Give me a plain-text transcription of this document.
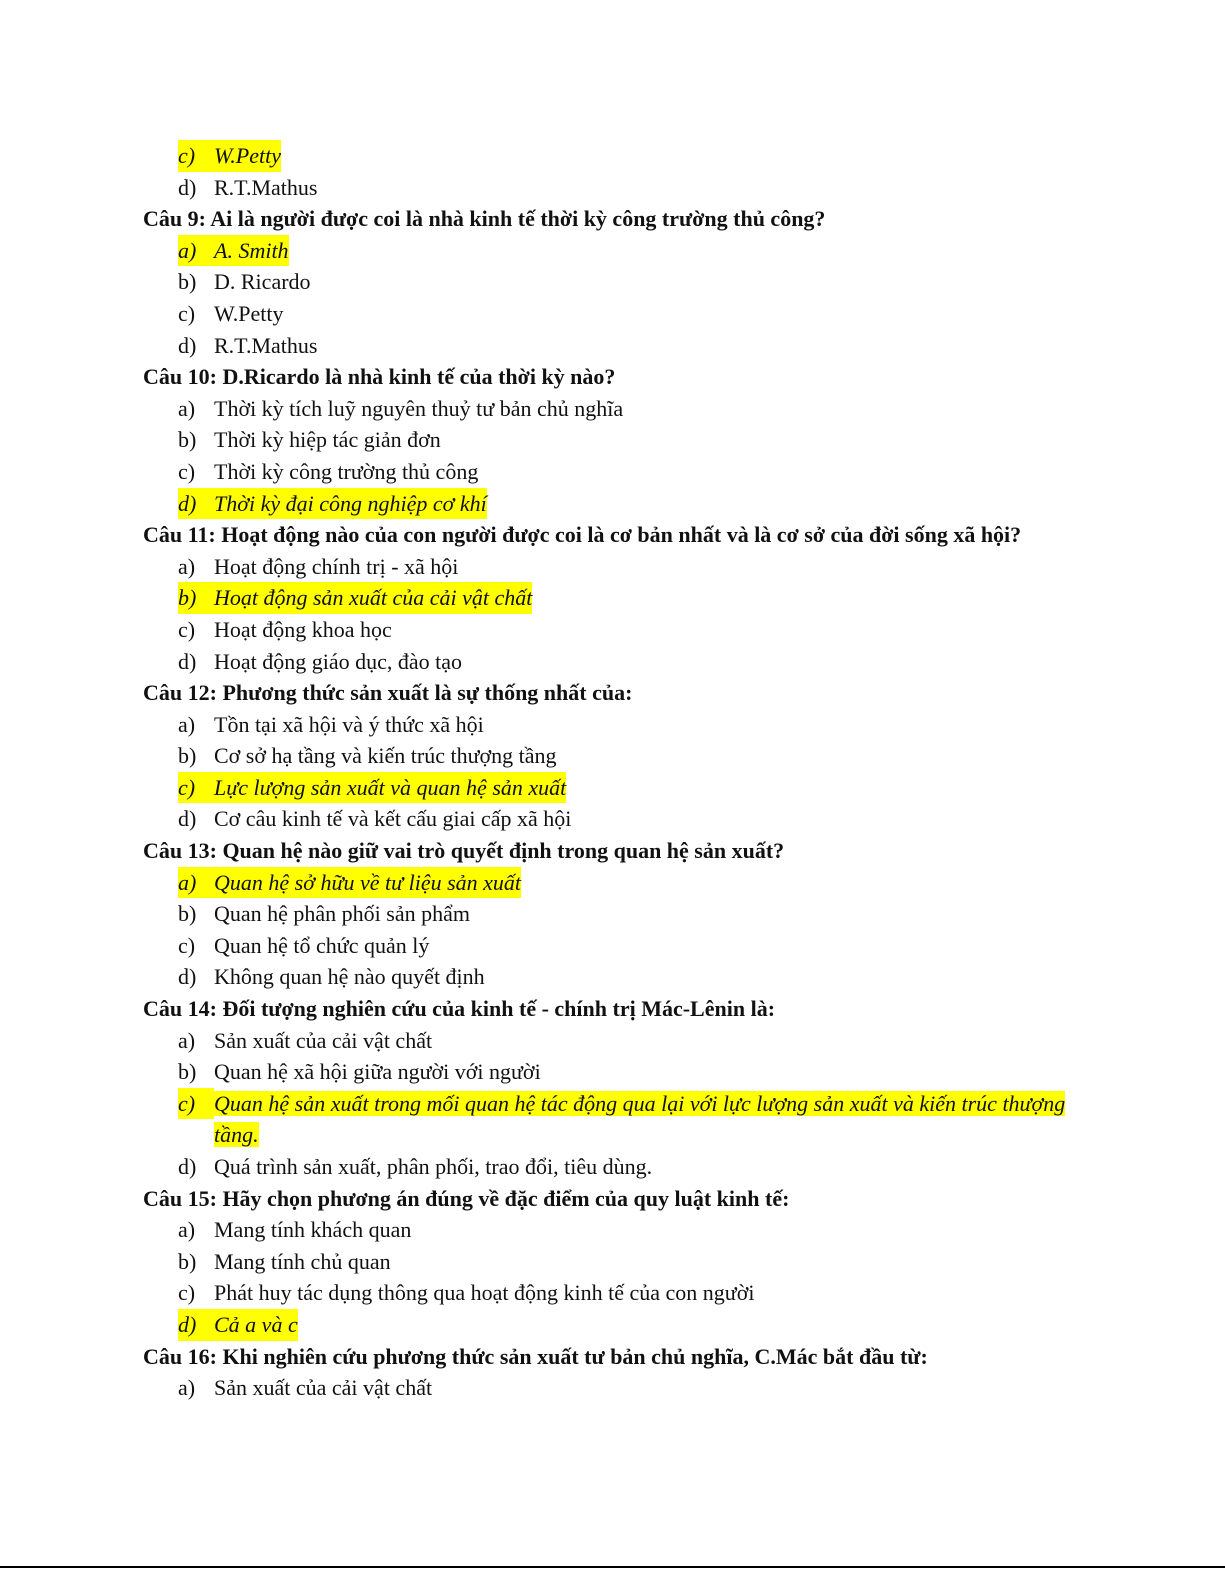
c) W.Petty
d) R.T.Mathus
Câu 9: Ai là người được coi là nhà kinh tế thời kỳ công trường thủ công?
a) A. Smith
b) D. Ricardo
c) W.Petty
d) R.T.Mathus
Câu 10: D.Ricardo là nhà kinh tế của thời kỳ nào?
a) Thời kỳ tích luỹ nguyên thuỷ tư bản chủ nghĩa
b) Thời kỳ hiệp tác giản đơn
c) Thời kỳ công trường thủ công
d) Thời kỳ đại công nghiệp cơ khí
Câu 11: Hoạt động nào của con người được coi là cơ bản nhất và là cơ sở của đời sống xã hội?
a) Hoạt động chính trị - xã hội
b) Hoạt động sản xuất của cải vật chất
c) Hoạt động khoa học
d) Hoạt động giáo dục, đào tạo
Câu 12: Phương thức sản xuất là sự thống nhất của:
a) Tồn tại xã hội và ý thức xã hội
b) Cơ sở hạ tầng và kiến trúc thượng tầng
c) Lực lượng sản xuất và quan hệ sản xuất
d) Cơ câu kinh tế và kết cấu giai cấp xã hội
Câu 13: Quan hệ nào giữ vai trò quyết định trong quan hệ sản xuất?
a) Quan hệ sở hữu về tư liệu sản xuất
b) Quan hệ phân phối sản phẩm
c) Quan hệ tổ chức quản lý
d) Không quan hệ nào quyết định
Câu 14: Đối tượng nghiên cứu của kinh tế - chính trị Mác-Lênin là:
a) Sản xuất của cải vật chất
b) Quan hệ xã hội giữa người với người
c) Quan hệ sản xuất trong mối quan hệ tác động qua lại với lực lượng sản xuất và kiến trúc thượng tầng.
d) Quá trình sản xuất, phân phối, trao đổi, tiêu dùng.
Câu 15: Hãy chọn phương án đúng về đặc điểm của quy luật kinh tế:
a) Mang tính khách quan
b) Mang tính chủ quan
c) Phát huy tác dụng thông qua hoạt động kinh tế của con người
d) Cả a và c
Câu 16: Khi nghiên cứu phương thức sản xuất tư bản chủ nghĩa, C.Mác bắt đầu từ:
a) Sản xuất của cải vật chất
